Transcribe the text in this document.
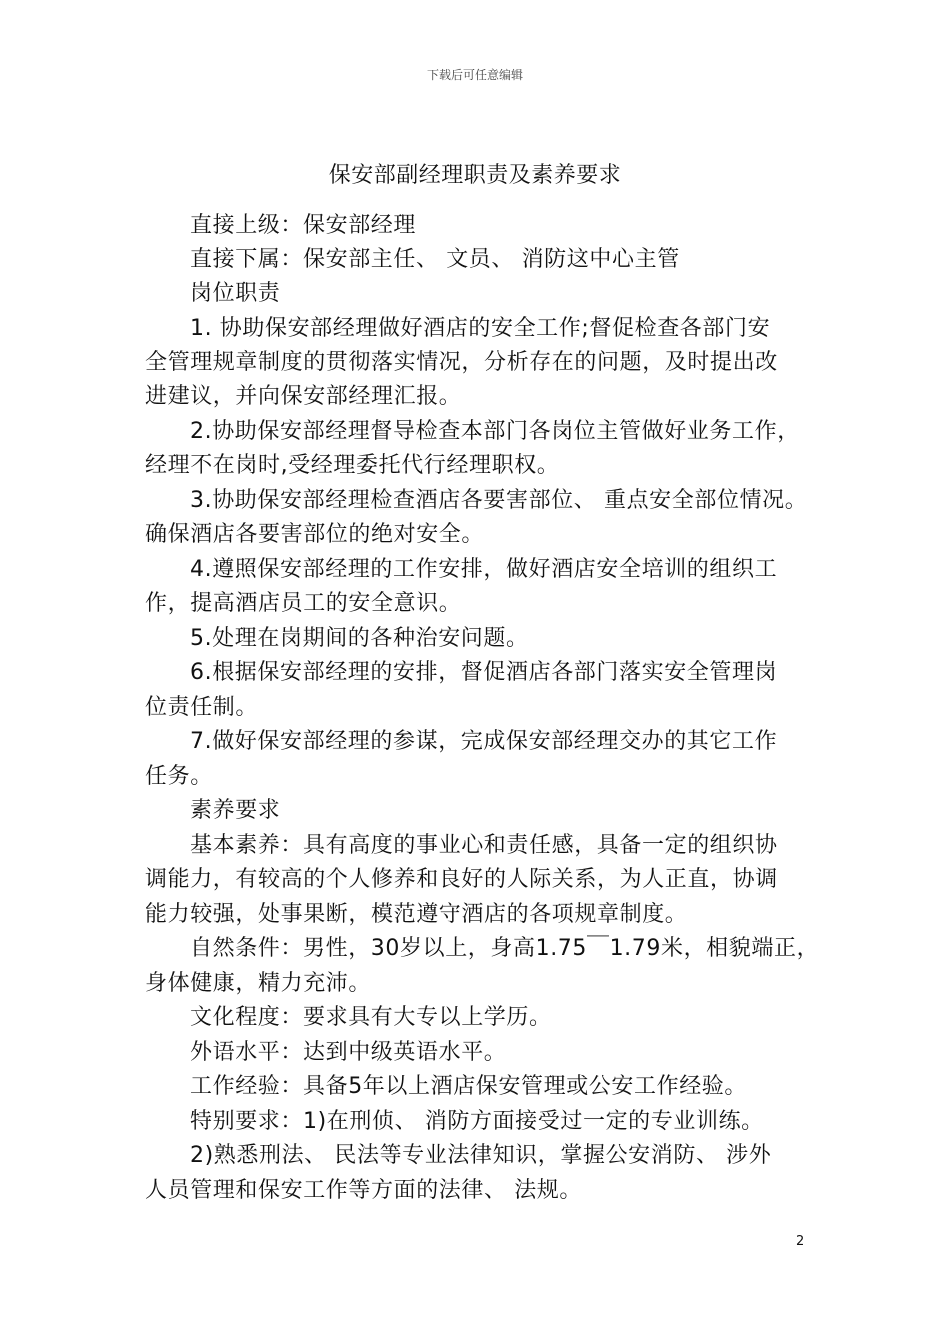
下载后可任意编辑
保安部副经理职责及素养要求
直接上级：保安部经理
直接下属：保安部主任、 文员、 消防这中心主管
岗位职责
1. 协助保安部经理做好酒店的安全工作;督促检查各部门安
全管理规章制度的贯彻落实情况，分析存在的问题，及时提出改
进建议，并向保安部经理汇报。
2.协助保安部经理督导检查本部门各岗位主管做好业务工作，
经理不在岗时,受经理委托代行经理职权。
3.协助保安部经理检查酒店各要害部位、 重点安全部位情况。
确保酒店各要害部位的绝对安全。
4.遵照保安部经理的工作安排，做好酒店安全培训的组织工
作，提高酒店员工的安全意识。
5.处理在岗期间的各种治安问题。
6.根据保安部经理的安排，督促酒店各部门落实安全管理岗
位责任制。
7.做好保安部经理的参谋，完成保安部经理交办的其它工作
任务。
素养要求
基本素养：具有高度的事业心和责任感，具备一定的组织协
调能力，有较高的个人修养和良好的人际关系，为人正直，协调
能力较强，处事果断，模范遵守酒店的各项规章制度。
自然条件：男性，30岁以上，身高1.75￣1.79米，相貌端正，
身体健康，精力充沛。
文化程度：要求具有大专以上学历。
外语水平：达到中级英语水平。
工作经验：具备5年以上酒店保安管理或公安工作经验。
特别要求：1)在刑侦、 消防方面接受过一定的专业训练。
2)熟悉刑法、 民法等专业法律知识，掌握公安消防、 涉外
人员管理和保安工作等方面的法律、 法规。
2
